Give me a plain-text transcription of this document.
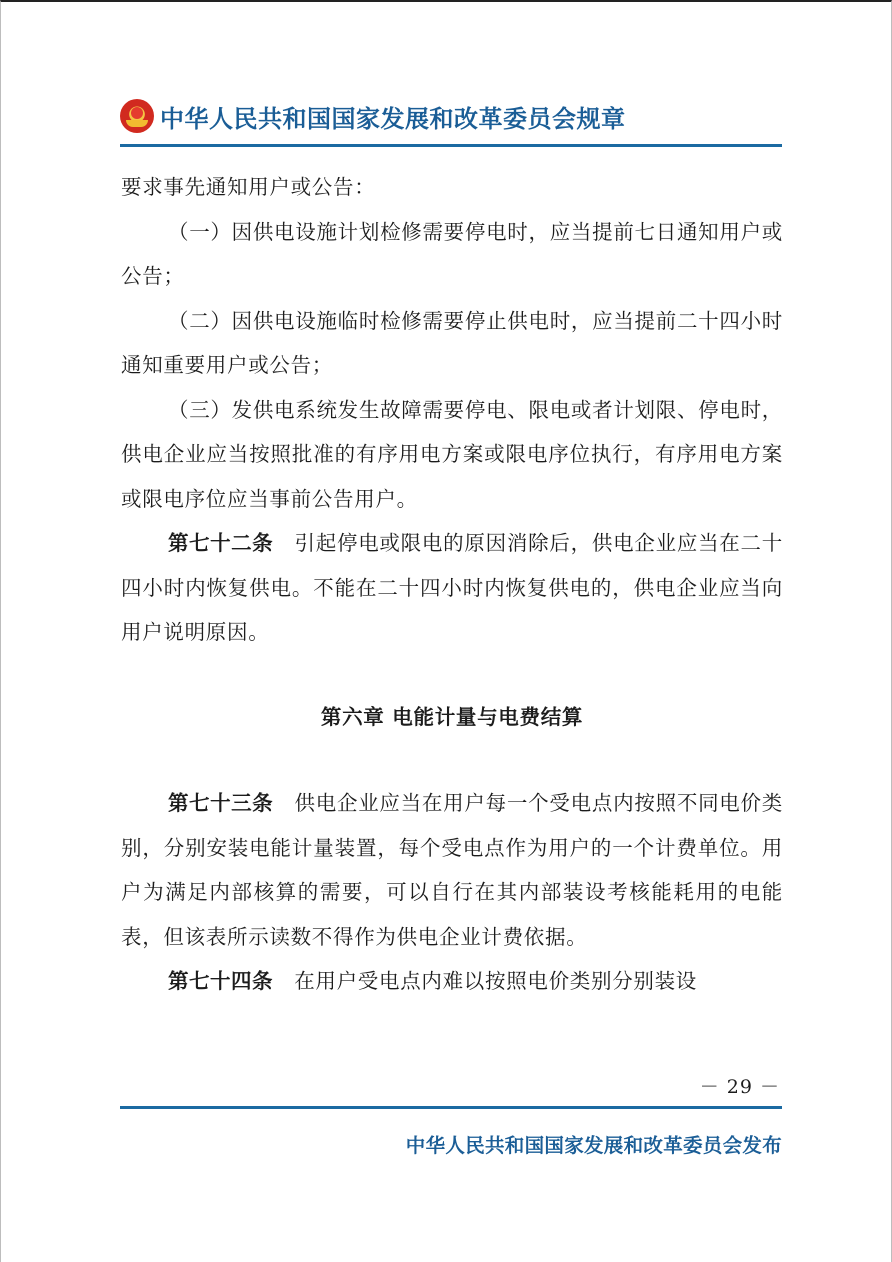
中华人民共和国国家发展和改革委员会规章

要求事先通知用户或公告：

（一）因供电设施计划检修需要停电时，应当提前七日通知用户或公告；

（二）因供电设施临时检修需要停止供电时，应当提前二十四小时通知重要用户或公告；

（三）发供电系统发生故障需要停电、限电或者计划限、停电时，供电企业应当按照批准的有序用电方案或限电序位执行，有序用电方案或限电序位应当事前公告用户。

第七十二条  引起停电或限电的原因消除后，供电企业应当在二十四小时内恢复供电。不能在二十四小时内恢复供电的，供电企业应当向用户说明原因。

第六章 电能计量与电费结算

第七十三条  供电企业应当在用户每一个受电点内按照不同电价类别，分别安装电能计量装置，每个受电点作为用户的一个计费单位。用户为满足内部核算的需要，可以自行在其内部装设考核能耗用的电能表，但该表所示读数不得作为供电企业计费依据。

第七十四条  在用户受电点内难以按照电价类别分别装设

－ 29 －
中华人民共和国国家发展和改革委员会发布
